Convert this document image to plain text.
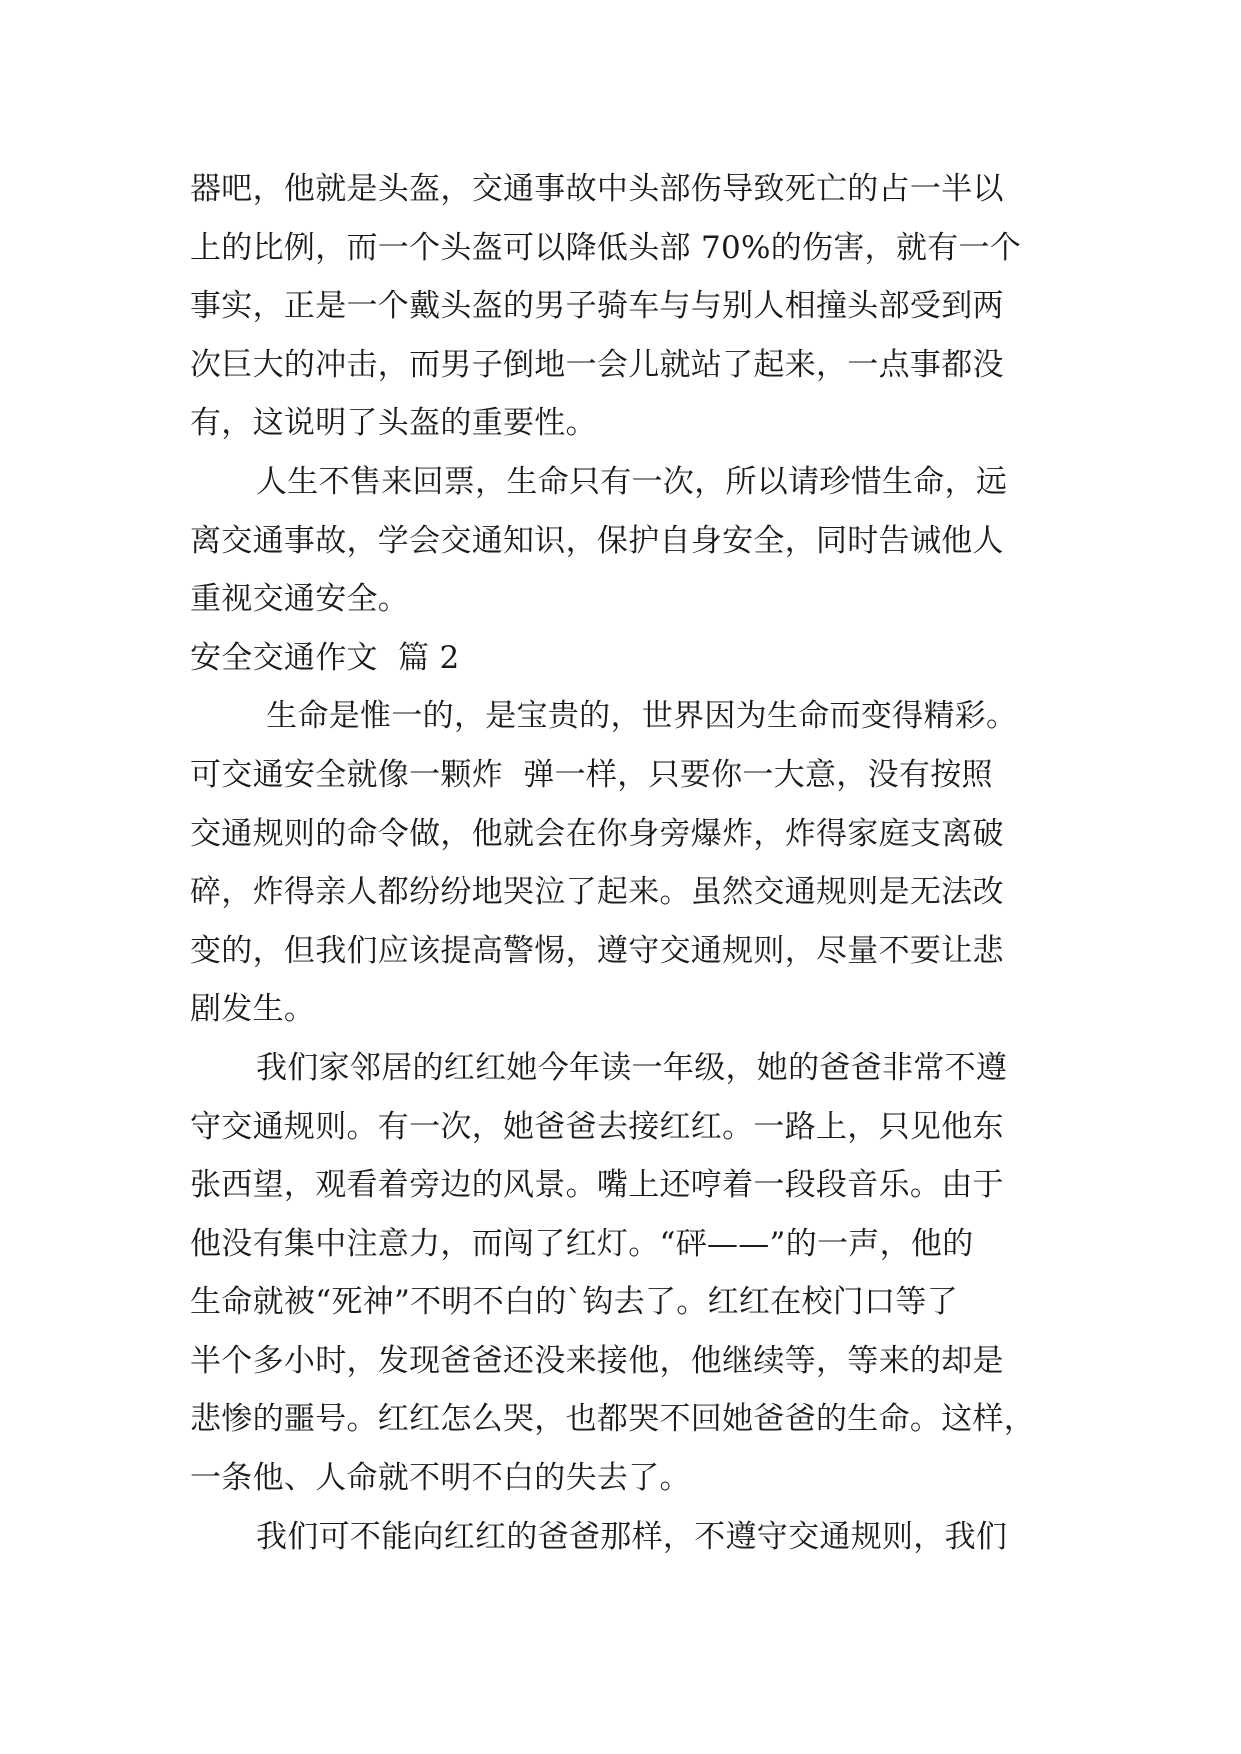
器吧，他就是头盔，交通事故中头部伤导致死亡的占一半以
上的比例，而一个头盔可以降低头部 70%的伤害，就有一个
事实，正是一个戴头盔的男子骑车与与别人相撞头部受到两
次巨大的冲击，而男子倒地一会儿就站了起来，一点事都没
有，这说明了头盔的重要性。

人生不售来回票，生命只有一次，所以请珍惜生命，远
离交通事故，学会交通知识，保护自身安全，同时告诫他人
重视交通安全。

安全交通作文  篇 2

生命是惟一的，是宝贵的，世界因为生命而变得精彩。
可交通安全就像一颗炸  弹一样，只要你一大意，没有按照
交通规则的命令做，他就会在你身旁爆炸，炸得家庭支离破
碎，炸得亲人都纷纷地哭泣了起来。虽然交通规则是无法改
变的，但我们应该提高警惕，遵守交通规则，尽量不要让悲
剧发生。

我们家邻居的红红她今年读一年级，她的爸爸非常不遵
守交通规则。有一次，她爸爸去接红红。一路上，只见他东
张西望，观看着旁边的风景。嘴上还哼着一段段音乐。由于
他没有集中注意力，而闯了红灯。“砰——”的一声，他的
生命就被“死神”不明不白的`钩去了。红红在校门口等了
半个多小时，发现爸爸还没来接他，他继续等，等来的却是
悲惨的噩号。红红怎么哭，也都哭不回她爸爸的生命。这样，
一条他、人命就不明不白的失去了。

我们可不能向红红的爸爸那样，不遵守交通规则，我们
